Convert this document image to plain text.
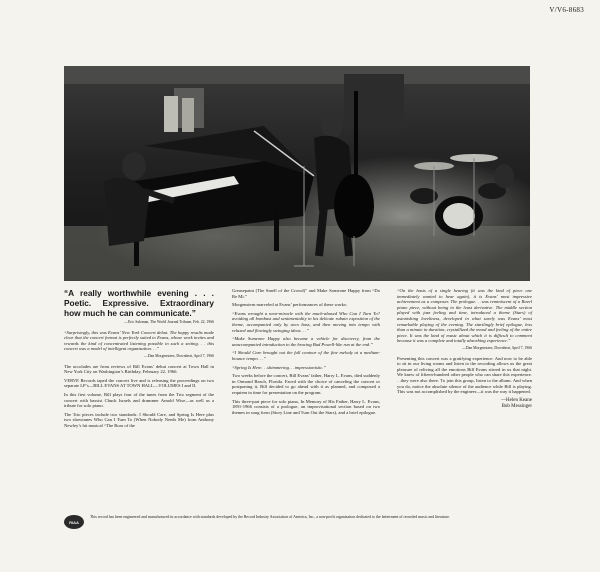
V/V6-8683

“A really worthwhile evening . . . Poetic. Expressive. Extraordinary how much he can communicate.”

—Eric Salzman, The World Journal Tribune, Feb. 22, 1966

“Surprisingly, this was Evans’ New York Concert debut. The happy results made clear that the concert format is perfectly suited to Evans, whose work invites and rewards the kind of concentrated listening possible in such a setting. . . this concert was a model of intelligent organization. . .”

—Dan Morgenstern, Downbeat, April 7, 1966

The accolades are from reviews of Bill Evans’ debut concert at Town Hall in New York City on Washington’s Birthday, February 22, 1966.

VERVE Records taped the concert live and is releasing the proceedings on two separate LP’s—BILL EVANS AT TOWN HALL—VOLUMES I and II.

In this first volume, Bill plays four of the tunes from the Trio segment of the concert with bassist Chuck Israels and drummer Arnold Wise—as well as a tribute for solo piano.

The Trio pieces include two standards: I Should Care, and Spring Is Here plus two showtunes Who Can I Turn To (When Nobody Needs Me) from Anthony Newley’s hit musical “The Roar of the

Greasepaint (The Smell of the Crowd)” and Make Someone Happy from “Do Re Mi.”

Morgenstern marveled at Evans’ performances of these works:

“Evans wrought a near-miracle with the much-abused Who Can I Turn To? avoiding all bombast and sentimentality in his delicate rubato exposition of the theme, accompanied only by arco bass, and then moving into tempo with relaxed and flowingly swinging ideas. . .”

“Make Someone Happy also became a vehicle for discovery, from the unaccompanied introduction to the bracing Bud Powell-like run at the end.”

“I Should Care brought out the full contour of the fine melody at a medium-bounce tempo. . .”

“Spring Is Here. . .shimmering. . .impressionistic.”

Two weeks before the concert, Bill Evans’ father, Harry L. Evans, died suddenly in Ormond Beach, Florida. Faced with the choice of canceling the concert or postponing it, Bill decided to go ahead with it as planned, and composed a requiem in time for presentation on the program.

This three-part piece for solo piano, In Memory of His Father, Harry L. Evans, 1891-1966 consists of a prologue, an improvisational section based on two themes in song form (Story Line and Turn Out the Stars), and a brief epilogue.

“On the basis of a single hearing (it was the kind of piece one immediately wanted to hear again), it is Evans’ most impressive achievement as a composer. The prologue. . .was reminiscent of a Ravel piano piece, without being in the least derivative. The middle section played with jazz feeling and time, introduced a theme (Stars) of astonishing loveliness, developed in what surely was Evans’ most remarkable playing of the evening. The startlingly brief epilogue, less than a minute in duration, crystallized the mood and feeling of the entire piece. It was the kind of music about which it is difficult to comment because it was a complete and totally absorbing experience.”

—Dan Morgenstern, Downbeat, April 7, 1966

Presenting this concert was a gratifying experience. And now to be able to sit in our living rooms and listen to the recording allows us the great pleasure of reliving all the emotions Bill Evans stirred in us that night. We knew of fifteen-hundred other people who can share this experience. . .they were also there. To join this group, listen to the album. And when you do, notice the absolute silence of the audience while Bill is playing. This was not accomplished by the engineer—it was the way it happened.

—Helen Keane
Bob Messinger
RIAA
This record has been engineered and manufactured in accordance with standards developed by the Record Industry Association of America, Inc., a non-profit organization dedicated to the betterment of recorded music and literature.
